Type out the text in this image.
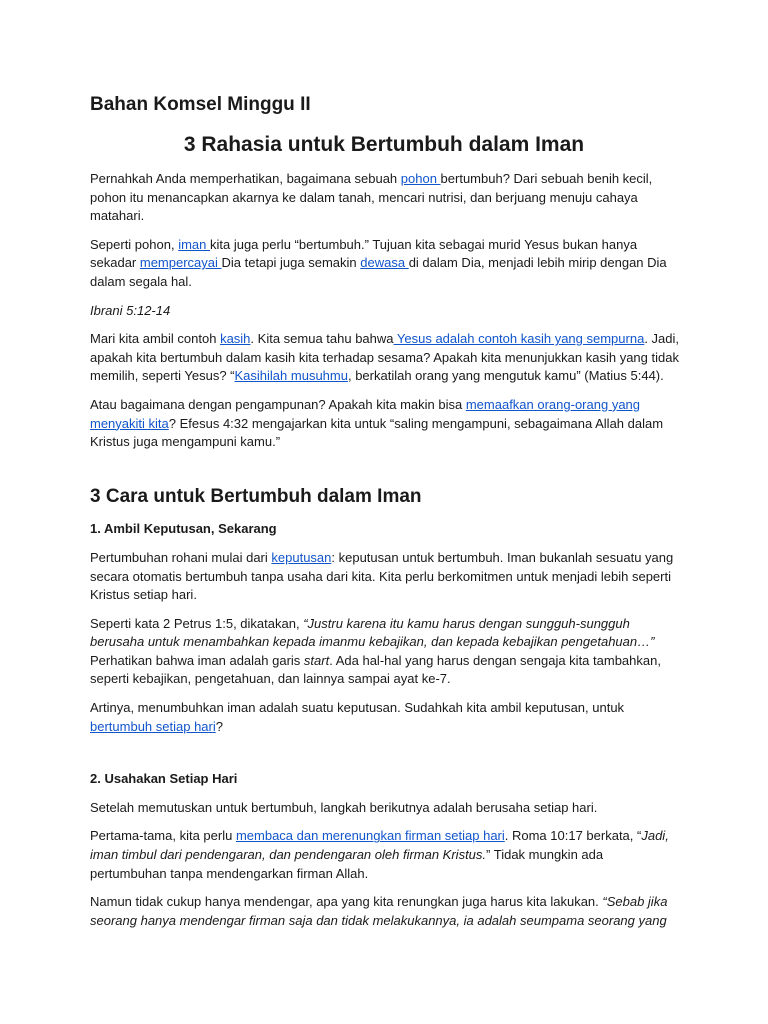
Bahan Komsel Minggu II
3 Rahasia untuk Bertumbuh dalam Iman

Pernahkah Anda memperhatikan, bagaimana sebuah pohon bertumbuh? Dari sebuah benih kecil, pohon itu menancapkan akarnya ke dalam tanah, mencari nutrisi, dan berjuang menuju cahaya matahari.

Seperti pohon, iman kita juga perlu “bertumbuh.” Tujuan kita sebagai murid Yesus bukan hanya sekadar mempercayai Dia tetapi juga semakin dewasa di dalam Dia, menjadi lebih mirip dengan Dia dalam segala hal.

Ibrani 5:12-14

Mari kita ambil contoh kasih. Kita semua tahu bahwa Yesus adalah contoh kasih yang sempurna. Jadi, apakah kita bertumbuh dalam kasih kita terhadap sesama? Apakah kita menunjukkan kasih yang tidak memilih, seperti Yesus? “Kasihilah musuhmu, berkatilah orang yang mengutuk kamu” (Matius 5:44).

Atau bagaimana dengan pengampunan? Apakah kita makin bisa memaafkan orang-orang yang menyakiti kita? Efesus 4:32 mengajarkan kita untuk “saling mengampuni, sebagaimana Allah dalam Kristus juga mengampuni kamu.”

3 Cara untuk Bertumbuh dalam Iman
1. Ambil Keputusan, Sekarang

Pertumbuhan rohani mulai dari keputusan: keputusan untuk bertumbuh. Iman bukanlah sesuatu yang secara otomatis bertumbuh tanpa usaha dari kita. Kita perlu berkomitmen untuk menjadi lebih seperti Kristus setiap hari.

Seperti kata 2 Petrus 1:5, dikatakan, “Justru karena itu kamu harus dengan sungguh-sungguh berusaha untuk menambahkan kepada imanmu kebajikan, dan kepada kebajikan pengetahuan…” Perhatikan bahwa iman adalah garis start. Ada hal-hal yang harus dengan sengaja kita tambahkan, seperti kebajikan, pengetahuan, dan lainnya sampai ayat ke-7.

Artinya, menumbuhkan iman adalah suatu keputusan. Sudahkah kita ambil keputusan, untuk bertumbuh setiap hari?

2. Usahakan Setiap Hari

Setelah memutuskan untuk bertumbuh, langkah berikutnya adalah berusaha setiap hari.

Pertama-tama, kita perlu membaca dan merenungkan firman setiap hari. Roma 10:17 berkata, “Jadi, iman timbul dari pendengaran, dan pendengaran oleh firman Kristus.” Tidak mungkin ada pertumbuhan tanpa mendengarkan firman Allah.

Namun tidak cukup hanya mendengar, apa yang kita renungkan juga harus kita lakukan. “Sebab jika seorang hanya mendengar firman saja dan tidak melakukannya, ia adalah seumpama seorang yang
